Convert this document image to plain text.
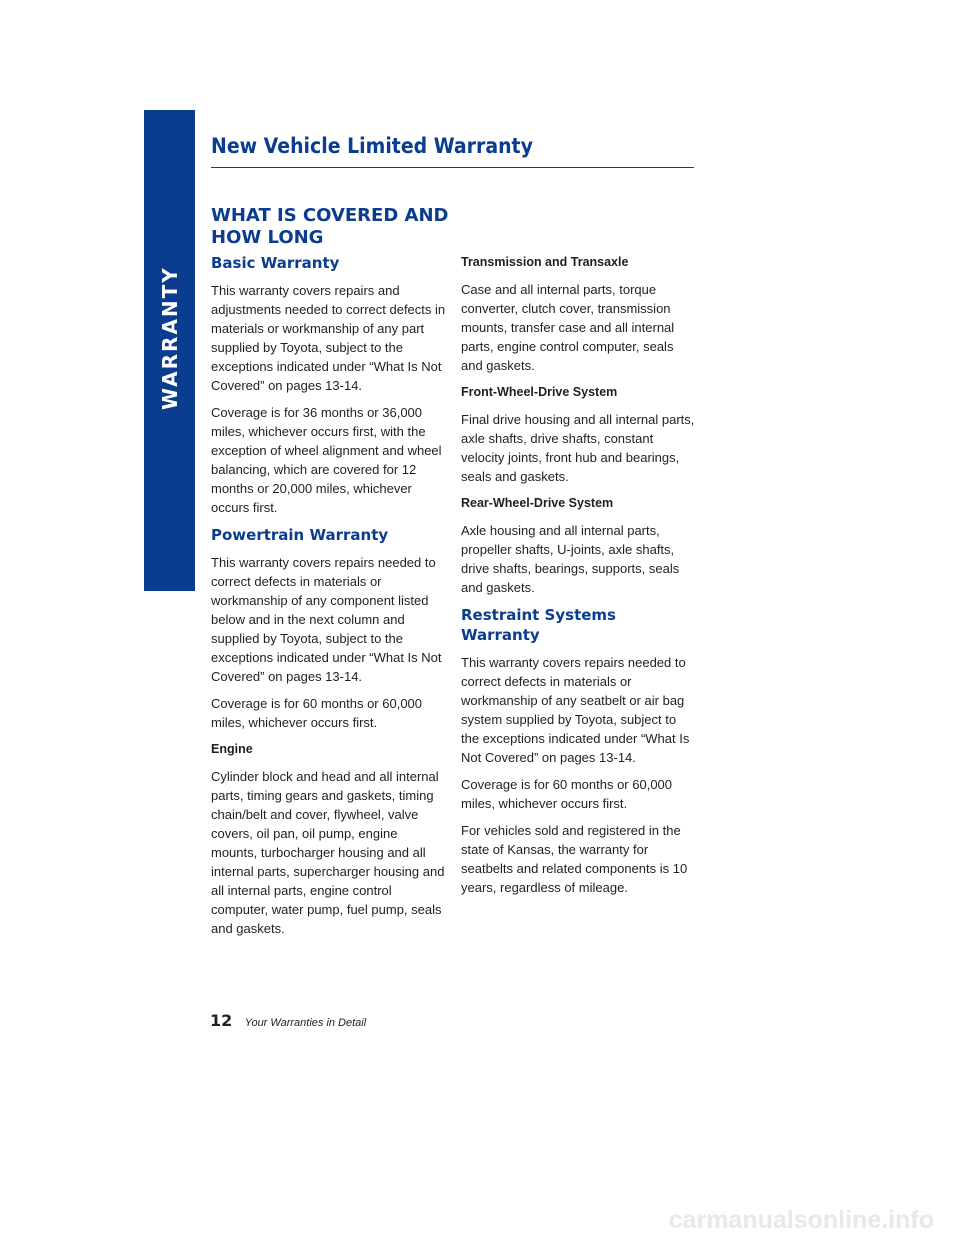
WARRANTY
New Vehicle Limited Warranty
WHAT IS COVERED AND
HOW LONG
Basic Warranty

This warranty covers repairs and adjustments needed to correct defects in materials or workmanship of any part supplied by Toyota, subject to the exceptions indicated under “What Is Not Covered” on pages 13-14.

Coverage is for 36 months or 36,000 miles, whichever occurs first, with the exception of wheel alignment and wheel balancing, which are covered for 12 months or 20,000 miles, whichever occurs first.

Powertrain Warranty

This warranty covers repairs needed to correct defects in materials or workmanship of any component listed below and in the next column and supplied by Toyota, subject to the exceptions indicated under “What Is Not Covered” on pages 13-14.

Coverage is for 60 months or 60,000 miles, whichever occurs first.

Engine

Cylinder block and head and all internal parts, timing gears and gaskets, timing chain/belt and cover, flywheel, valve covers, oil pan, oil pump, engine mounts, turbocharger housing and all internal parts, supercharger housing and all internal parts, engine control computer, water pump, fuel pump, seals and gaskets.

Transmission and Transaxle

Case and all internal parts, torque converter, clutch cover, transmission mounts, transfer case and all internal parts, engine control computer, seals and gaskets.

Front-Wheel-Drive System

Final drive housing and all internal parts, axle shafts, drive shafts, constant velocity joints, front hub and bearings, seals and gaskets.

Rear-Wheel-Drive System

Axle housing and all internal parts, propeller shafts, U-joints, axle shafts, drive shafts, bearings, supports, seals and gaskets.

Restraint Systems Warranty

This warranty covers repairs needed to correct defects in materials or workmanship of any seatbelt or air bag system supplied by Toyota, subject to the exceptions indicated under “What Is Not Covered” on pages 13-14.

Coverage is for 60 months or 60,000 miles, whichever occurs first.

For vehicles sold and registered in the state of Kansas, the warranty for seatbelts and related components is 10 years, regardless of mileage.

12 Your Warranties in Detail
carmanualsonline.info
